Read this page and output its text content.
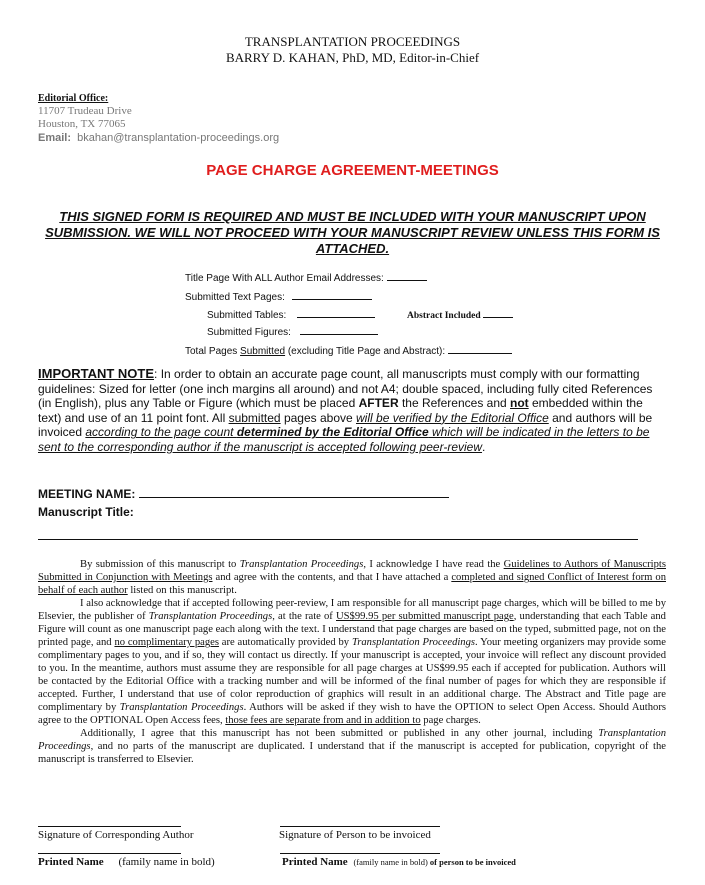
TRANSPLANTATION PROCEEDINGS
BARRY D. KAHAN, PhD, MD, Editor-in-Chief
Editorial Office:
11707 Trudeau Drive
Houston, TX 77065
Email: bkahan@transplantation-proceedings.org
PAGE CHARGE AGREEMENT-MEETINGS
THIS SIGNED FORM IS REQUIRED AND MUST BE INCLUDED WITH YOUR MANUSCRIPT UPON SUBMISSION. WE WILL NOT PROCEED WITH YOUR MANUSCRIPT REVIEW UNLESS THIS FORM IS ATTACHED.
Title Page With ALL Author Email Addresses:
Submitted Text Pages:
Submitted Tables:	Abstract Included
Submitted Figures:
Total Pages Submitted (excluding Title Page and Abstract):
IMPORTANT NOTE: In order to obtain an accurate page count, all manuscripts must comply with our formatting guidelines: Sized for letter (one inch margins all around) and not A4; double spaced, including fully cited References (in English), plus any Table or Figure (which must be placed AFTER the References and not embedded within the text) and use of an 11 point font. All submitted pages above will be verified by the Editorial Office and authors will be invoiced according to the page count determined by the Editorial Office which will be indicated in the letters to be sent to the corresponding author if the manuscript is accepted following peer-review.
MEETING NAME:
Manuscript Title:

By submission of this manuscript to Transplantation Proceedings, I acknowledge I have read the Guidelines to Authors of Manuscripts Submitted in Conjunction with Meetings and agree with the contents, and that I have attached a completed and signed Conflict of Interest form on behalf of each author listed on this manuscript.

I also acknowledge that if accepted following peer-review, I am responsible for all manuscript page charges, which will be billed to me by Elsevier, the publisher of Transplantation Proceedings, at the rate of US$99.95 per submitted manuscript page, understanding that each Table and Figure will count as one manuscript page each along with the text. I understand that page charges are based on the typed, submitted page, not on the printed page, and no complimentary pages are automatically provided by Transplantation Proceedings. Your meeting organizers may provide some complimentary pages to you, and if so, they will contact us directly. If your manuscript is accepted, your invoice will reflect any discount provided to you. In the meantime, authors must assume they are responsible for all page charges at US$99.95 each if accepted for publication. Authors will be contacted by the Editorial Office with a tracking number and will be informed of the final number of pages for which they are responsible if accepted. Further, I understand that use of color reproduction of graphics will result in an additional charge. The Abstract and Title page are complimentary by Transplantation Proceedings. Authors will be asked if they wish to have the OPTION to select Open Access. Should Authors agree to the OPTIONAL Open Access fees, those fees are separate from and in addition to page charges.

Additionally, I agree that this manuscript has not been submitted or published in any other journal, including Transplantation Proceedings, and no parts of the manuscript are duplicated. I understand that if the manuscript is accepted for publication, copyright of the manuscript is transferred to Elsevier.

Signature of Corresponding Author	Signature of Person to be invoiced
Printed Name (family name in bold)	Printed Name (family name in bold) of person to be invoiced
